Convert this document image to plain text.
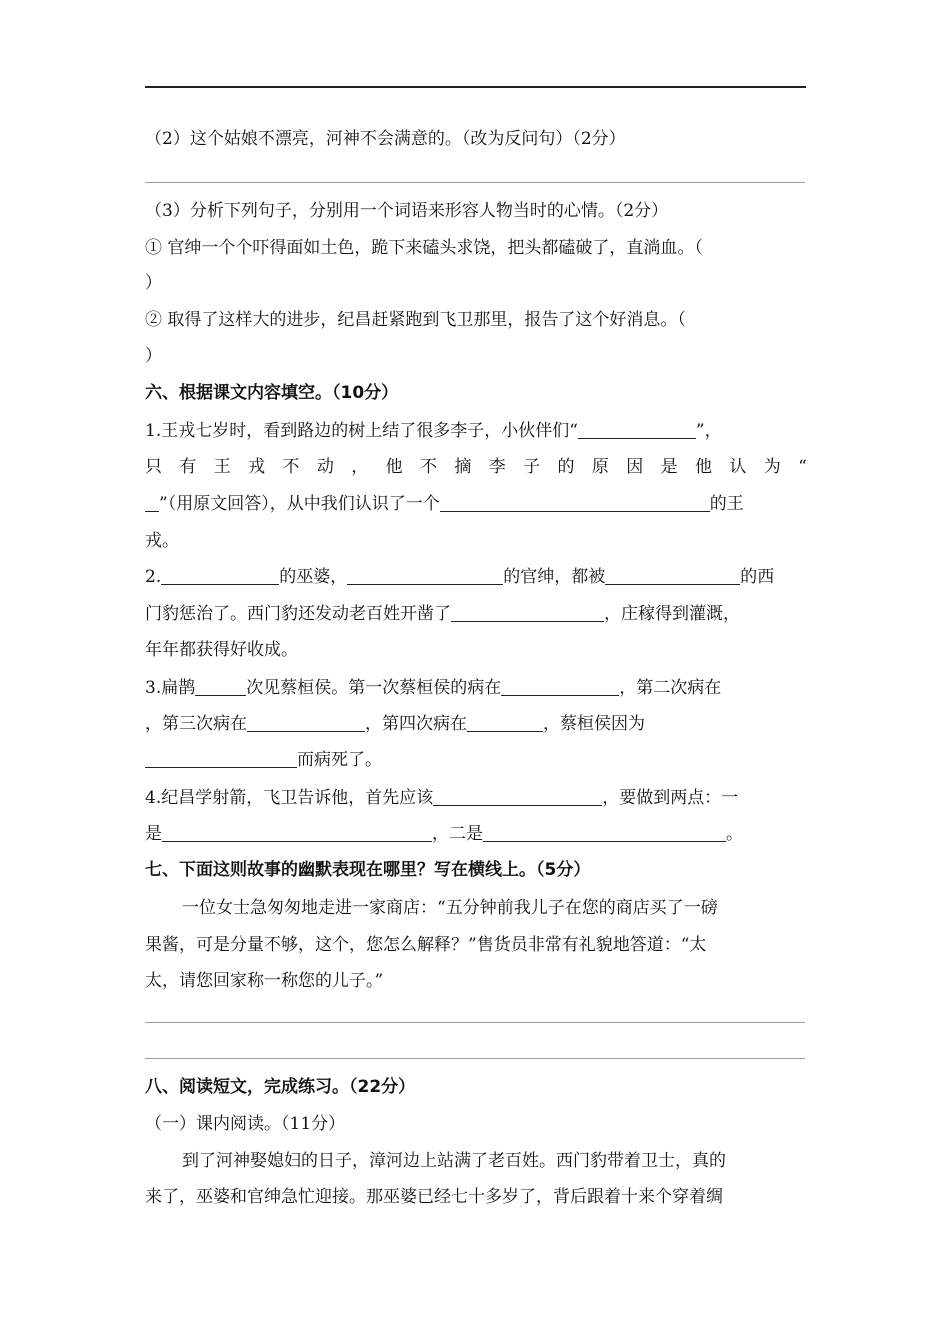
（2）这个姑娘不漂亮，河神不会满意的。（改为反问句）（2分）
（3）分析下列句子，分别用一个词语来形容人物当时的心情。（2分）
① 官绅一个个吓得面如土色，跪下来磕头求饶，把头都磕破了，直淌血。（
）
② 取得了这样大的进步，纪昌赶紧跑到飞卫那里，报告了这个好消息。（
）
六、根据课文内容填空。（10分）
1.王戎七岁时，看到路边的树上结了很多李子，小伙伴们“	”，
只 有 王 戎 不 动 ， 他 不 摘 李 子 的 原 因 是 他 认 为 “
”（用原文回答），从中我们认识了一个	的王
戎。
2.	的巫婆，	的官绅，都被	的西
门豹惩治了。西门豹还发动老百姓开凿了	，庄稼得到灌溉，
年年都获得好收成。
3.扁鹊	次见蔡桓侯。第一次蔡桓侯的病在	，第二次病在
，第三次病在	，第四次病在	，蔡桓侯因为
而病死了。
4.纪昌学射箭，飞卫告诉他，首先应该	，要做到两点：一
是	，二是	。
七、下面这则故事的幽默表现在哪里？写在横线上。（5分）
一位女士急匆匆地走进一家商店：“五分钟前我儿子在您的商店买了一磅
果酱，可是分量不够，这个，您怎么解释？”售货员非常有礼貌地答道：“太
太，请您回家称一称您的儿子。”
八、阅读短文，完成练习。（22分）
（一）课内阅读。（11分）
到了河神娶媳妇的日子，漳河边上站满了老百姓。西门豹带着卫士，真的
来了，巫婆和官绅急忙迎接。那巫婆已经七十多岁了，背后跟着十来个穿着绸
